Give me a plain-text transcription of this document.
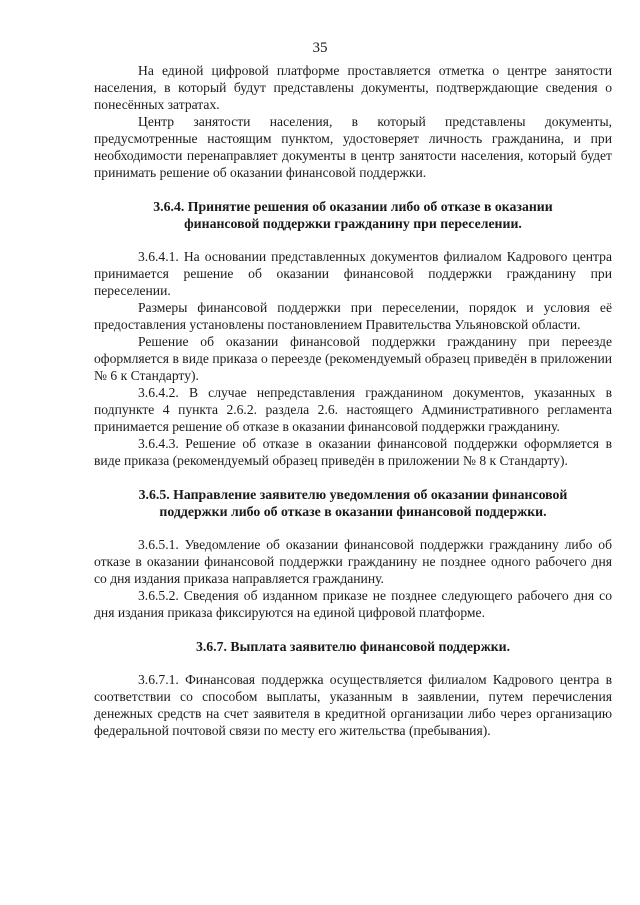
35

На единой цифровой платформе проставляется отметка о центре занятости населения, в который будут представлены документы, подтверждающие сведения о понесённых затратах.

Центр занятости населения, в который представлены документы, предусмотренные настоящим пунктом, удостоверяет личность гражданина, и при необходимости перенаправляет документы в центр занятости населения, который будет принимать решение об оказании финансовой поддержки.

3.6.4. Принятие решения об оказании либо об отказе в оказании финансовой поддержки гражданину при переселении.

3.6.4.1. На основании представленных документов филиалом Кадрового центра принимается решение об оказании финансовой поддержки гражданину при переселении.

Размеры финансовой поддержки при переселении, порядок и условия её предоставления установлены постановлением Правительства Ульяновской области.

Решение об оказании финансовой поддержки гражданину при переезде оформляется в виде приказа о переезде (рекомендуемый образец приведён в приложении № 6 к Стандарту).

3.6.4.2. В случае непредставления гражданином документов, указанных в подпункте 4 пункта 2.6.2. раздела 2.6. настоящего Административного регламента принимается решение об отказе в оказании финансовой поддержки гражданину.

3.6.4.3. Решение об отказе в оказании финансовой поддержки оформляется в виде приказа (рекомендуемый образец приведён в приложении № 8 к Стандарту).

3.6.5. Направление заявителю уведомления об оказании финансовой поддержки либо об отказе в оказании финансовой поддержки.

3.6.5.1. Уведомление об оказании финансовой поддержки гражданину либо об отказе в оказании финансовой поддержки гражданину не позднее одного рабочего дня со дня издания приказа направляется гражданину.

3.6.5.2. Сведения об изданном приказе не позднее следующего рабочего дня со дня издания приказа фиксируются на единой цифровой платформе.

3.6.7. Выплата заявителю финансовой поддержки.

3.6.7.1. Финансовая поддержка осуществляется филиалом Кадрового центра в соответствии со способом выплаты, указанным в заявлении, путем перечисления денежных средств на счет заявителя в кредитной организации либо через организацию федеральной почтовой связи по месту его жительства (пребывания).
